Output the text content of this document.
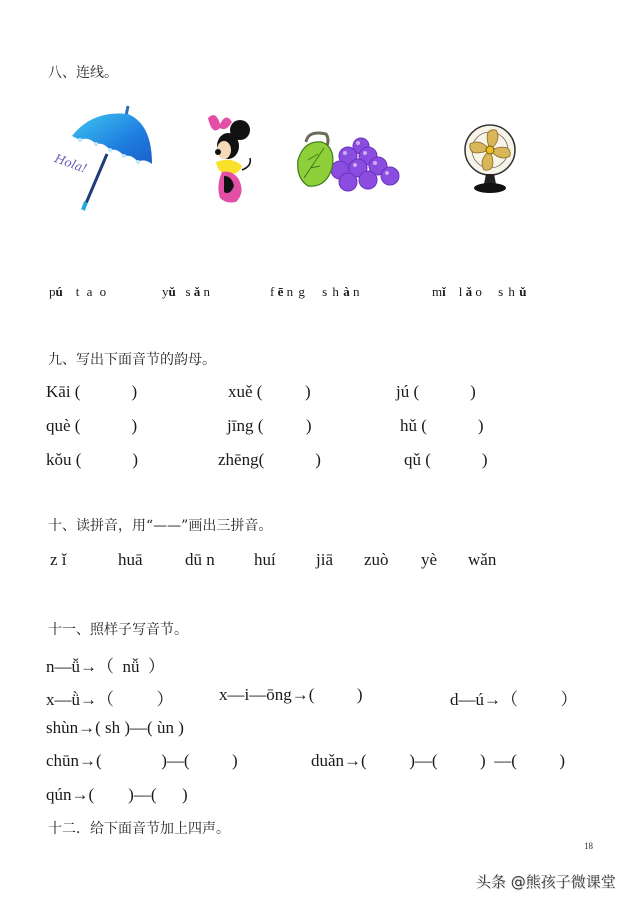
八、连线。
Hola!
pú t a o	yǔ s ǎ n	f ē n g s h à n	mǐ l ǎ o s h ǔ
九、写出下面音节的韵母。
Kāi (            )	xuě (          )	jú (            )
què (            )	jīng (          )	hǔ (            )
kǒu (            )	zhēng(            )	qǔ (            )
十、读拼音，用“——”画出三拼音。
z ǐ	huā dū n huí jiā zuò yè wǎn
十一、照样子写音节。
n—ǚ→（  nǚ  ）
x—ǜ→（          ）	x—i—ōng→(          )	d—ú→（          ）
shùn→( sh )—( ùn )
chūn→(              )—(          )	duǎn→(          )—(          )  —(          )
qún→(        )—(      )
十二．给下面音节加上四声。
18
头条 @熊孩子微课堂
